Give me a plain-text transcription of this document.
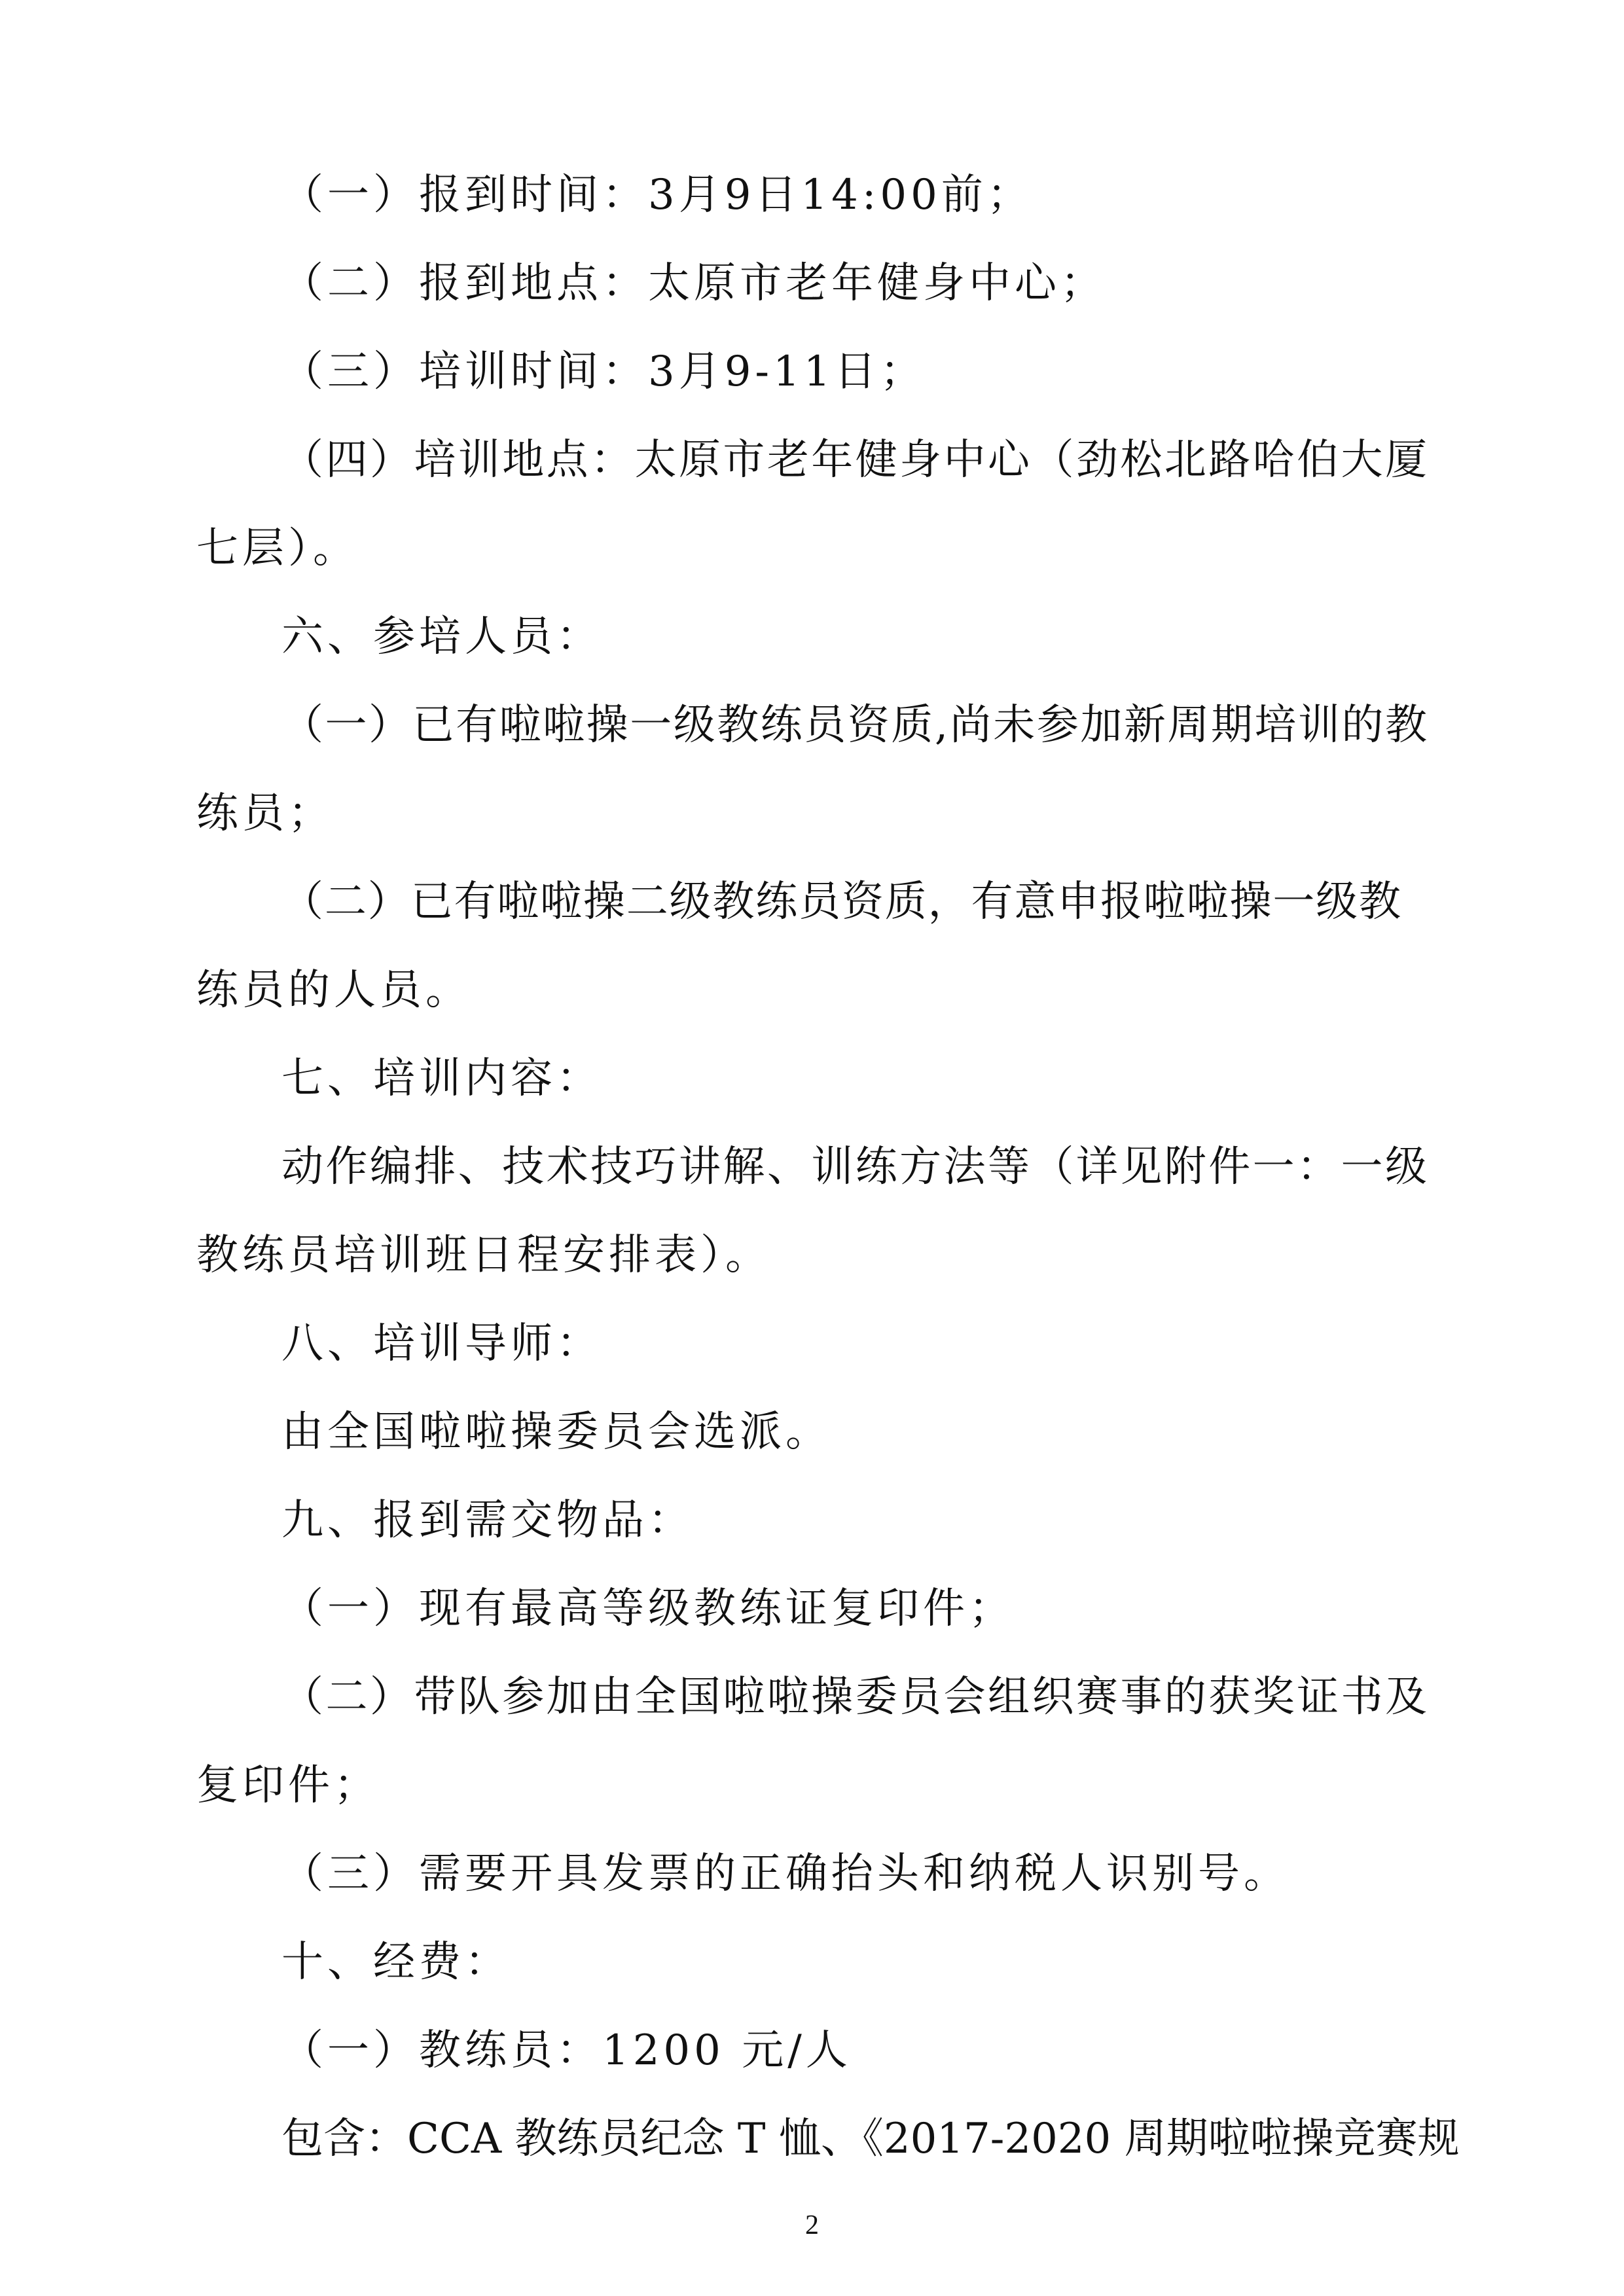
（一）报到时间：3月9日14:00前；
（二）报到地点：太原市老年健身中心；
（三）培训时间：3月9-11日；
（四）培训地点：太原市老年健身中心（劲松北路哈伯大厦
七层）。
六、参培人员：
（一）已有啦啦操一级教练员资质,尚未参加新周期培训的教
练员；
（二）已有啦啦操二级教练员资质，有意申报啦啦操一级教
练员的人员。
七、培训内容：
动作编排、技术技巧讲解、训练方法等（详见附件一：一级
教练员培训班日程安排表）。
八、培训导师：
由全国啦啦操委员会选派。
九、报到需交物品：
（一）现有最高等级教练证复印件；
（二）带队参加由全国啦啦操委员会组织赛事的获奖证书及
复印件；
（三）需要开具发票的正确抬头和纳税人识别号。
十、经费：
（一）教练员：1200 元/人
包含：CCA 教练员纪念 T 恤、《2017-2020 周期啦啦操竞赛规
2
